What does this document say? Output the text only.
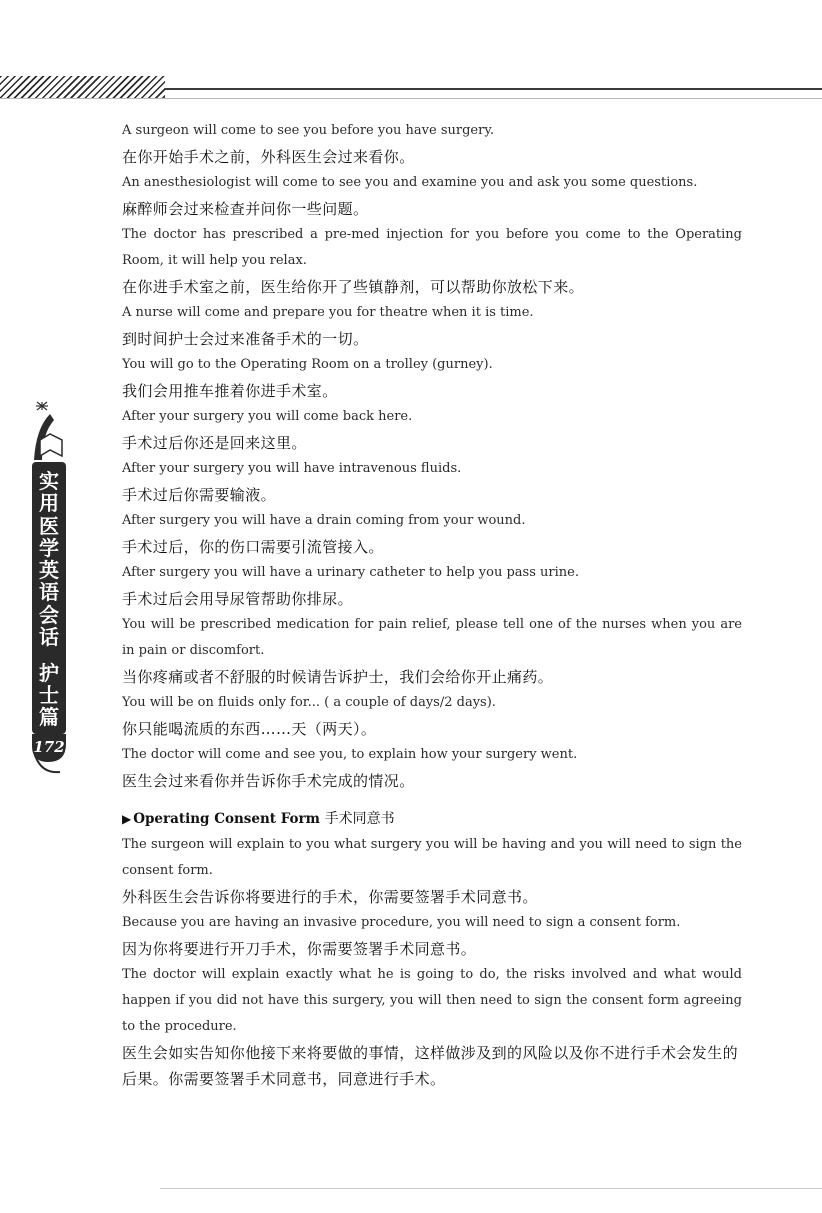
实用医学英语会话
护士篇
172

A surgeon will come to see you before you have surgery.

在你开始手术之前，外科医生会过来看你。

An anesthesiologist will come to see you and examine you and ask you some questions.

麻醉师会过来检查并问你一些问题。

The doctor has prescribed a pre-med injection for you before you come to the Operating Room, it will help you relax.

在你进手术室之前，医生给你开了些镇静剂，可以帮助你放松下来。

A nurse will come and prepare you for theatre when it is time.

到时间护士会过来准备手术的一切。

You will go to the Operating Room on a trolley (gurney).

我们会用推车推着你进手术室。

After your surgery you will come back here.

手术过后你还是回来这里。

After your surgery you will have intravenous fluids.

手术过后你需要输液。

After surgery you will have a drain coming from your wound.

手术过后，你的伤口需要引流管接入。

After surgery you will have a urinary catheter to help you pass urine.

手术过后会用导尿管帮助你排尿。

You will be prescribed medication for pain relief, please tell one of the nurses when you are in pain or discomfort.

当你疼痛或者不舒服的时候请告诉护士，我们会给你开止痛药。

You will be on fluids only for... ( a couple of days/2 days).

你只能喝流质的东西……天（两天）。

The doctor will come and see you, to explain how your surgery went.

医生会过来看你并告诉你手术完成的情况。

▶ Operating Consent Form 手术同意书

The surgeon will explain to you what surgery you will be having and you will need to sign the consent form.

外科医生会告诉你将要进行的手术，你需要签署手术同意书。

Because you are having an invasive procedure, you will need to sign a consent form.

因为你将要进行开刀手术，你需要签署手术同意书。

The doctor will explain exactly what he is going to do, the risks involved and what would happen if you did not have this surgery, you will then need to sign the consent form agreeing to the procedure.

医生会如实告知你他接下来将要做的事情，这样做涉及到的风险以及你不进行手术会发生的后果。你需要签署手术同意书，同意进行手术。
